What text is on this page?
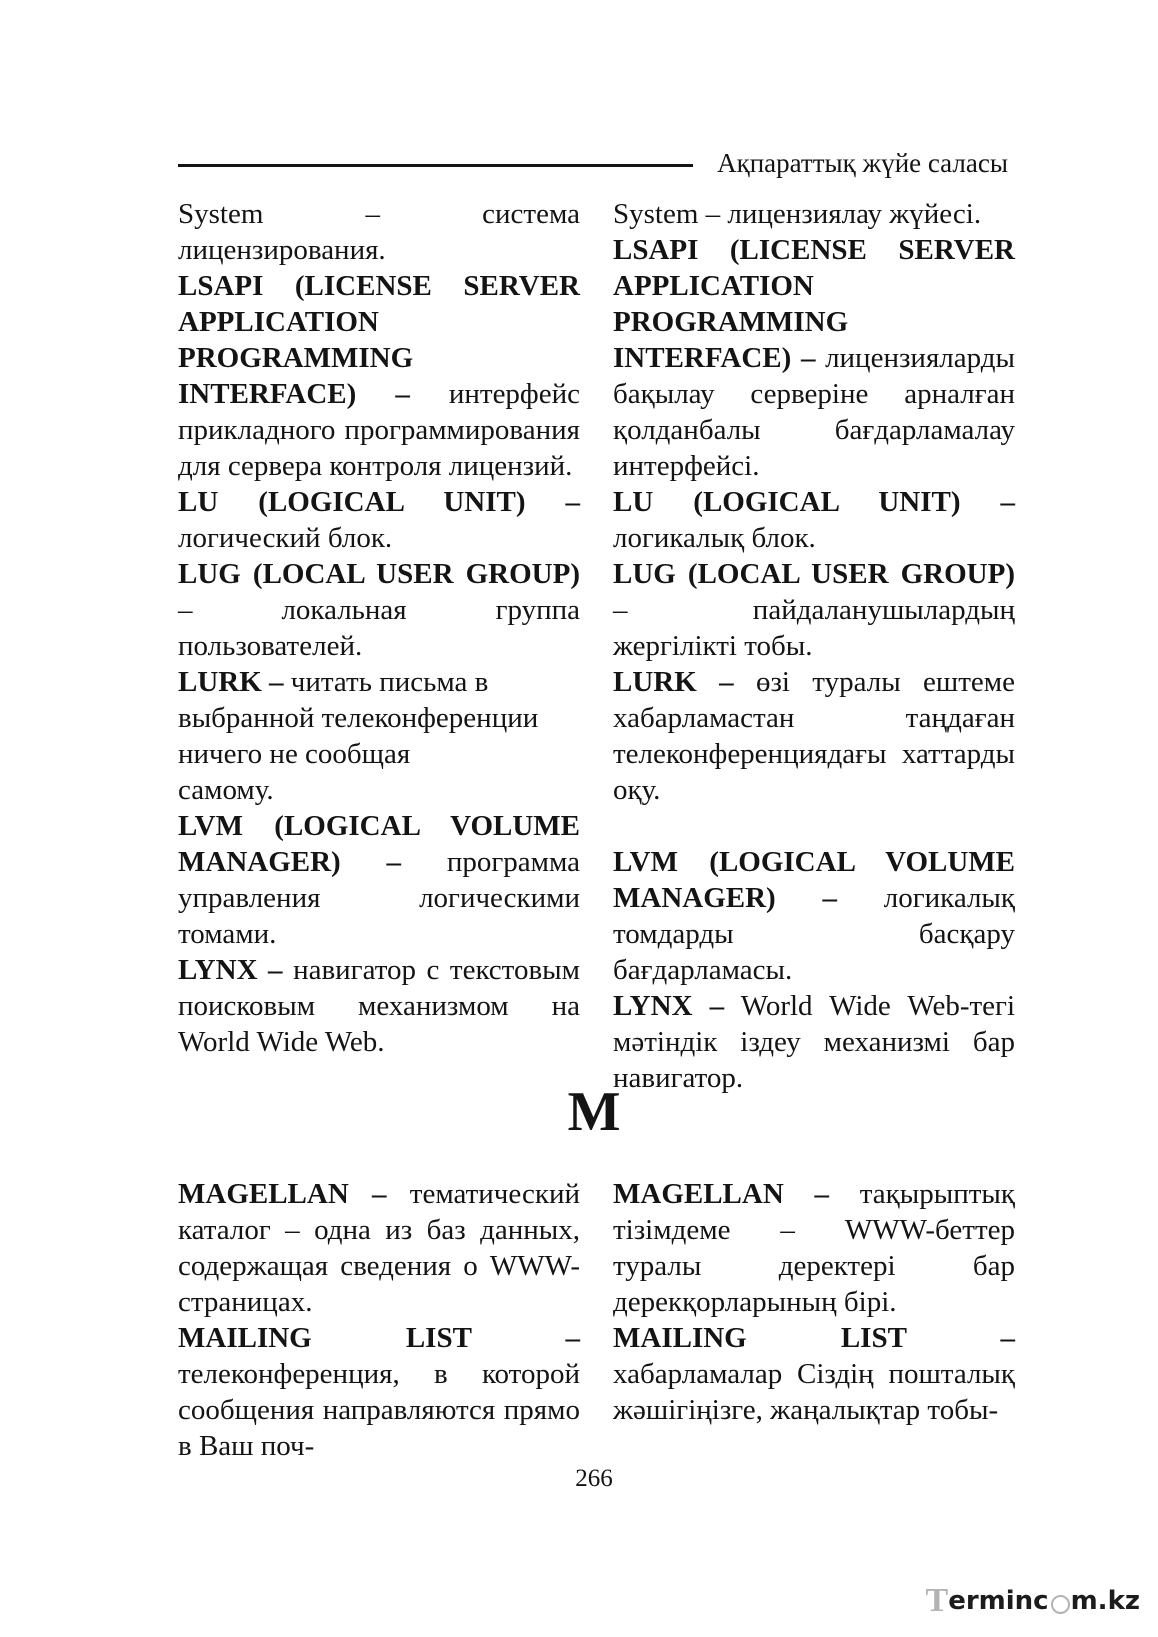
Ақпараттық жүйе саласы

System – система лицензирования.

LSAPI (LICENSE SERVER APPLICATION PROGRAMMING INTERFACE) – интерфейс прикладного программирования для сервера контроля лицензий.

LU (LOGICAL UNIT) – логический блок.

LUG (LOCAL USER GROUP) – локальная группа пользователей.

LURK – читать письма в выбранной телеконференции ничего не сообщая

самому.

LVM (LOGICAL VOLUME MANAGER) – программа управления логическими томами.

LYNX – навигатор с текстовым поисковым механизмом на World Wide Web.

System – лицензиялау жүйесі.

LSAPI (LICENSE SERVER APPLICATION PROGRAMMING INTERFACE) – лицензияларды бақылау серверіне арналған қолданбалы бағдарламалау интерфейсі.

LU (LOGICAL UNIT) – логикалық блок.

LUG (LOCAL USER GROUP) – пайдаланушылардың жергілікті тобы.

LURK – өзі туралы ештеме хабарламастан таңдаған телеконференциядағы хаттарды оқу.

LVM (LOGICAL VOLUME MANAGER) – логикалық томдарды басқару бағдарламасы.

LYNX – World Wide Web-тегі мәтіндік іздеу механизмі бар навигатор.

M

MAGELLAN – тематический каталог – одна из баз данных, содержащая сведения о WWW-страницах.

MAILING LIST – телеконференция, в которой сообщения направляются прямо в Ваш поч-

MAGELLAN – тақырыптық тізімдеме – WWW-беттер туралы деректері бар дерекқорларының бірі.

MAILING LIST – хабарламалар Сіздің пошталық жәшігіңізге, жаңалықтар тобы-

266
T ermin c m.kz
